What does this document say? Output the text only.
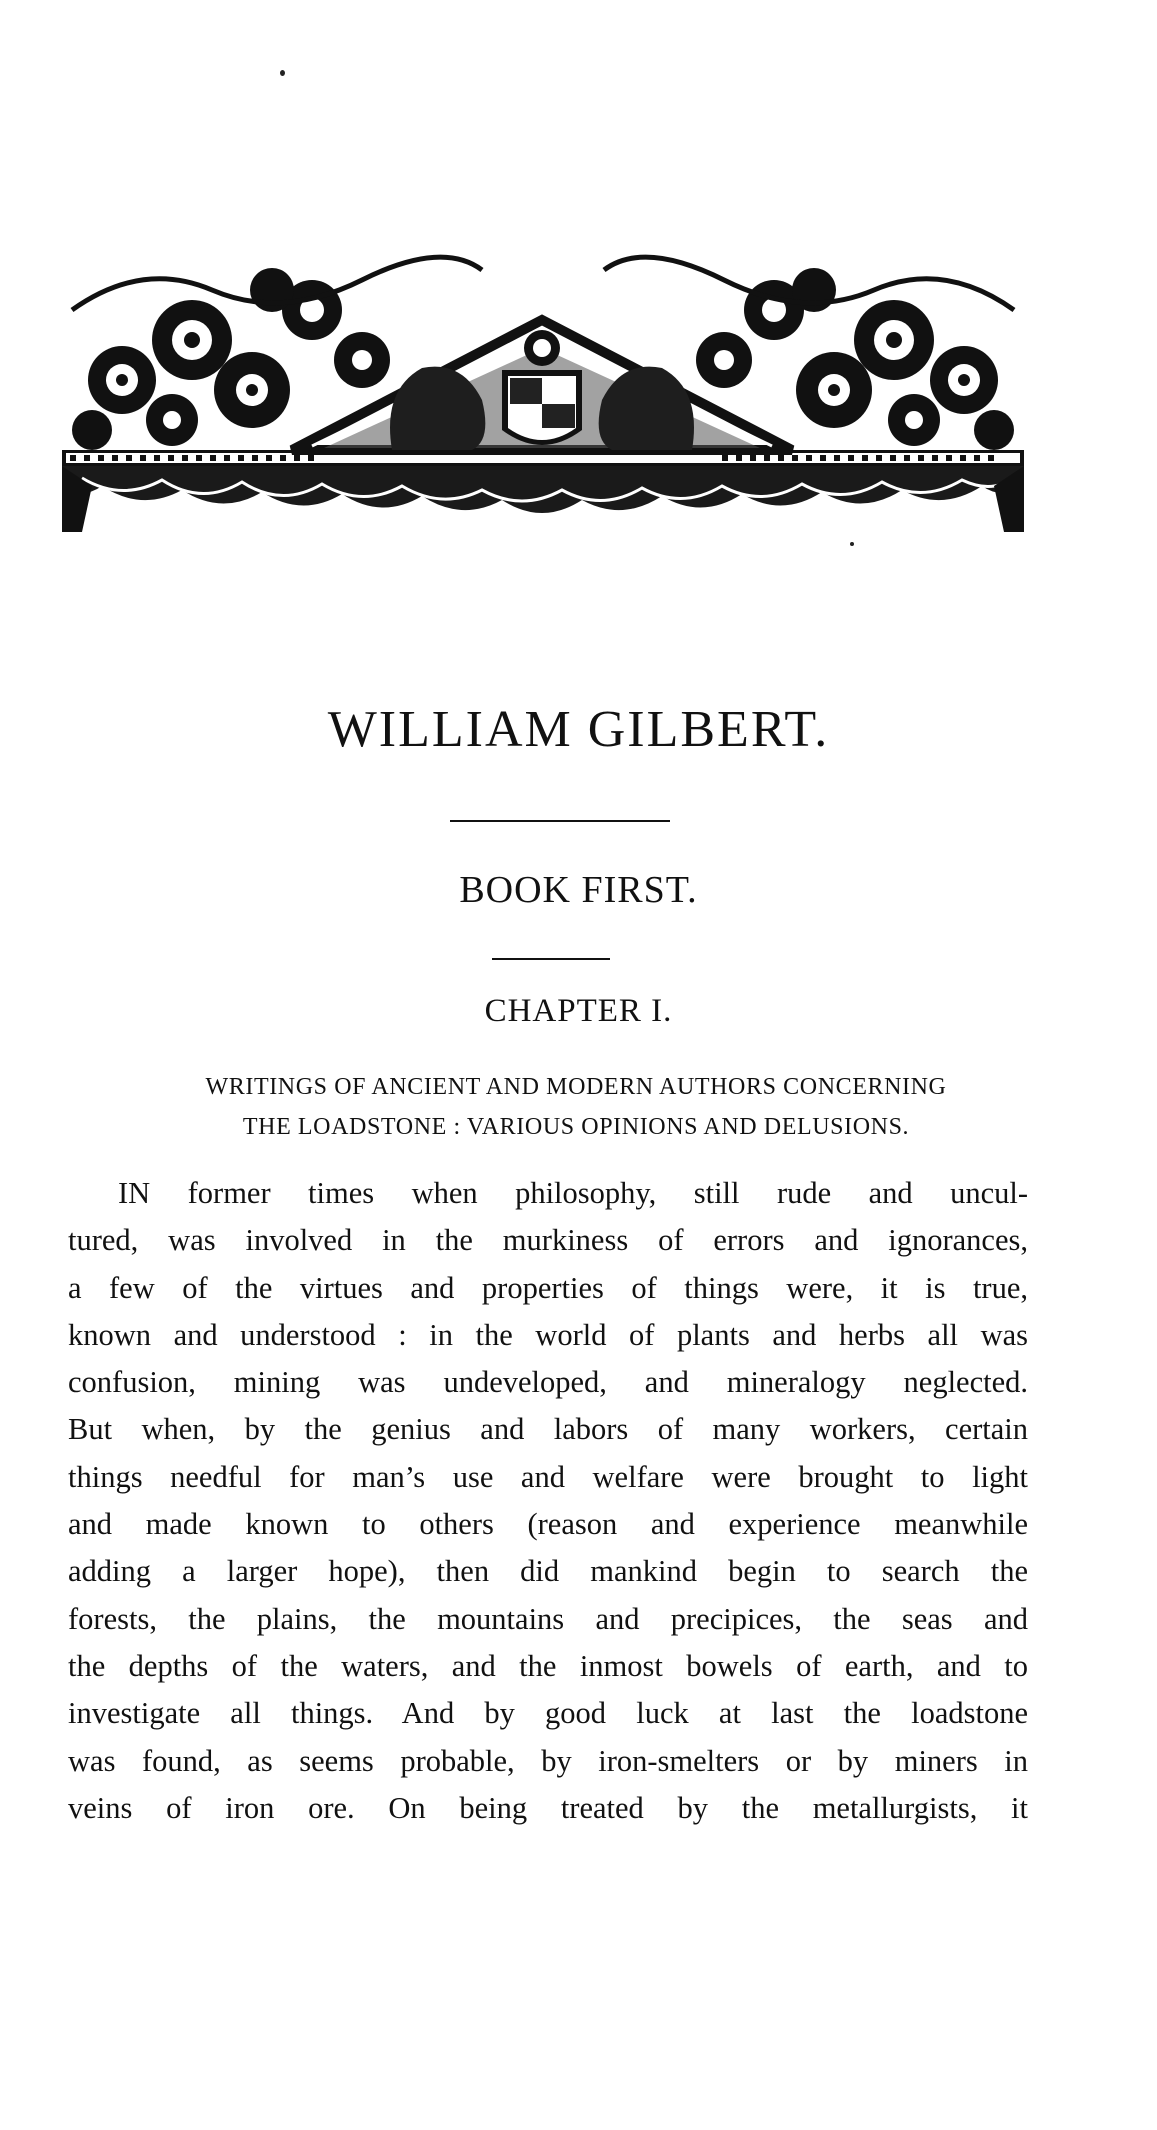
WILLIAM GILBERT.
BOOK FIRST.
CHAPTER I.

WRITINGS OF ANCIENT AND MODERN AUTHORS CONCERNING
THE LOADSTONE : VARIOUS OPINIONS AND DELUSIONS.

IN former times when philosophy, still rude and uncul-
tured, was involved in the murkiness of errors and ignorances,
a few of the virtues and properties of things were, it is true,
known and understood : in the world of plants and herbs all was
confusion, mining was undeveloped, and mineralogy neglected.
But when, by the genius and labors of many workers, certain
things needful for man’s use and welfare were brought to light
and made known to others (reason and experience meanwhile
adding a larger hope), then did mankind begin to search the
forests, the plains, the mountains and precipices, the seas and
the depths of the waters, and the inmost bowels of earth, and to
investigate all things. And by good luck at last the loadstone
was found, as seems probable, by iron-smelters or by miners in
veins of iron ore. On being treated by the metallurgists, it
